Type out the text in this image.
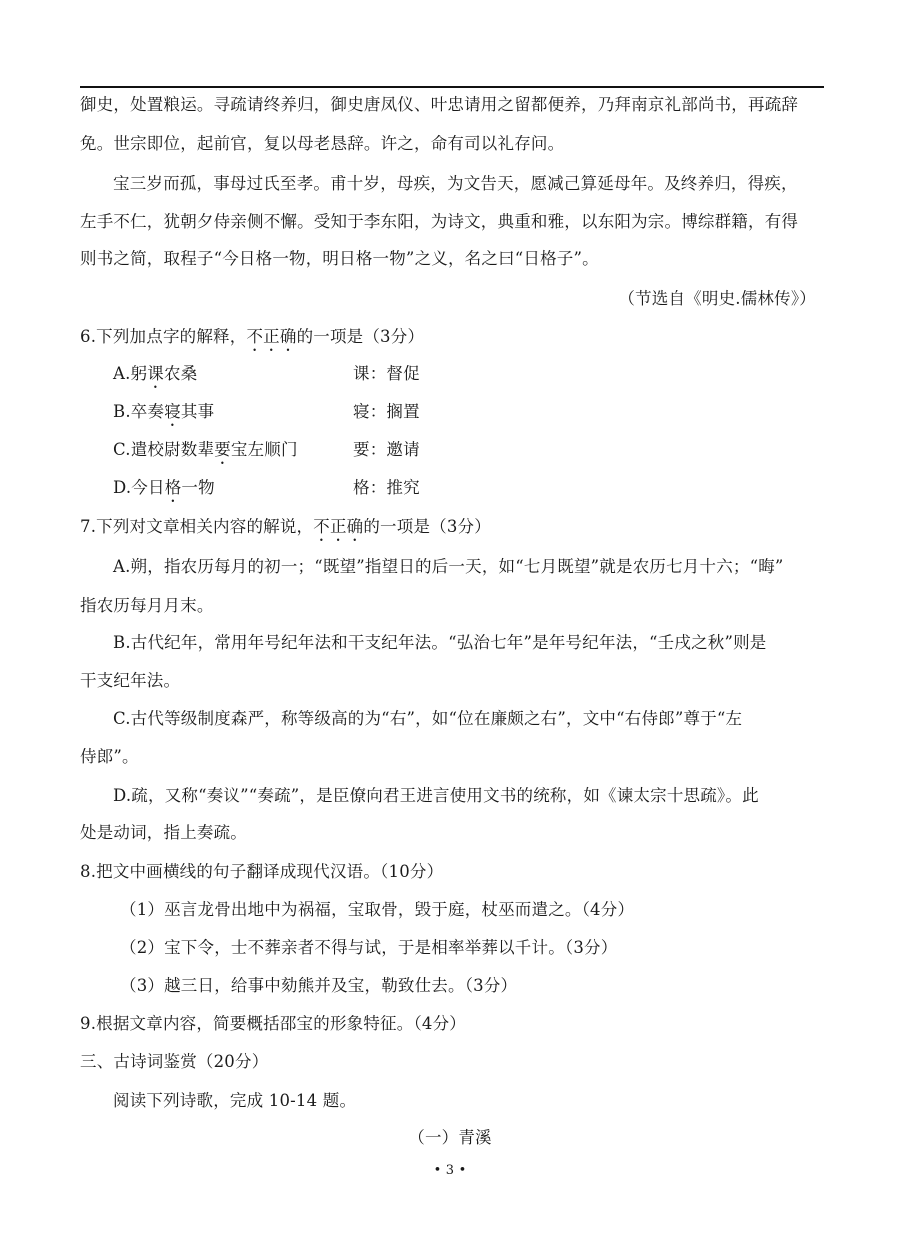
御史，处置粮运。寻疏请终养归，御史唐凤仪、叶忠请用之留都便养，乃拜南京礼部尚书，再疏辞
免。世宗即位，起前官，复以母老恳辞。许之，命有司以礼存问。
宝三岁而孤，事母过氏至孝。甫十岁，母疾，为文告天，愿减己算延母年。及终养归，得疾，
左手不仁，犹朝夕侍亲侧不懈。受知于李东阳，为诗文，典重和雅，以东阳为宗。博综群籍，有得
则书之简，取程子“今日格一物，明日格一物”之义，名之曰“日格子”。
（节选自《明史.儒林传》）
6.下列加点字的解释，不正确的一项是（3分）
A.躬课农桑	课：督促
B.卒奏寝其事	寝：搁置
C.遣校尉数辈要宝左顺门	要：邀请
D.今日格一物	格：推究
7.下列对文章相关内容的解说，不正确的一项是（3分）
A.朔，指农历每月的初一；“既望”指望日的后一天，如“七月既望”就是农历七月十六；“晦”
指农历每月月末。
B.古代纪年，常用年号纪年法和干支纪年法。“弘治七年”是年号纪年法，“壬戌之秋”则是
干支纪年法。
C.古代等级制度森严，称等级高的为“右”，如“位在廉颇之右”，文中“右侍郎”尊于“左
侍郎”。
D.疏，又称“奏议”“奏疏”，是臣僚向君王进言使用文书的统称，如《谏太宗十思疏》。此
处是动词，指上奏疏。
8.把文中画横线的句子翻译成现代汉语。（10分）
（1）巫言龙骨出地中为祸福，宝取骨，毁于庭，杖巫而遣之。（4分）
（2）宝下令，士不葬亲者不得与试，于是相率举葬以千计。（3分）
（3）越三日，给事中劾熊并及宝，勒致仕去。（3分）
9.根据文章内容，简要概括邵宝的形象特征。（4分）
三、古诗词鉴赏（20分）
阅读下列诗歌，完成 10-14 题。
（一）青溪
• 3 •
